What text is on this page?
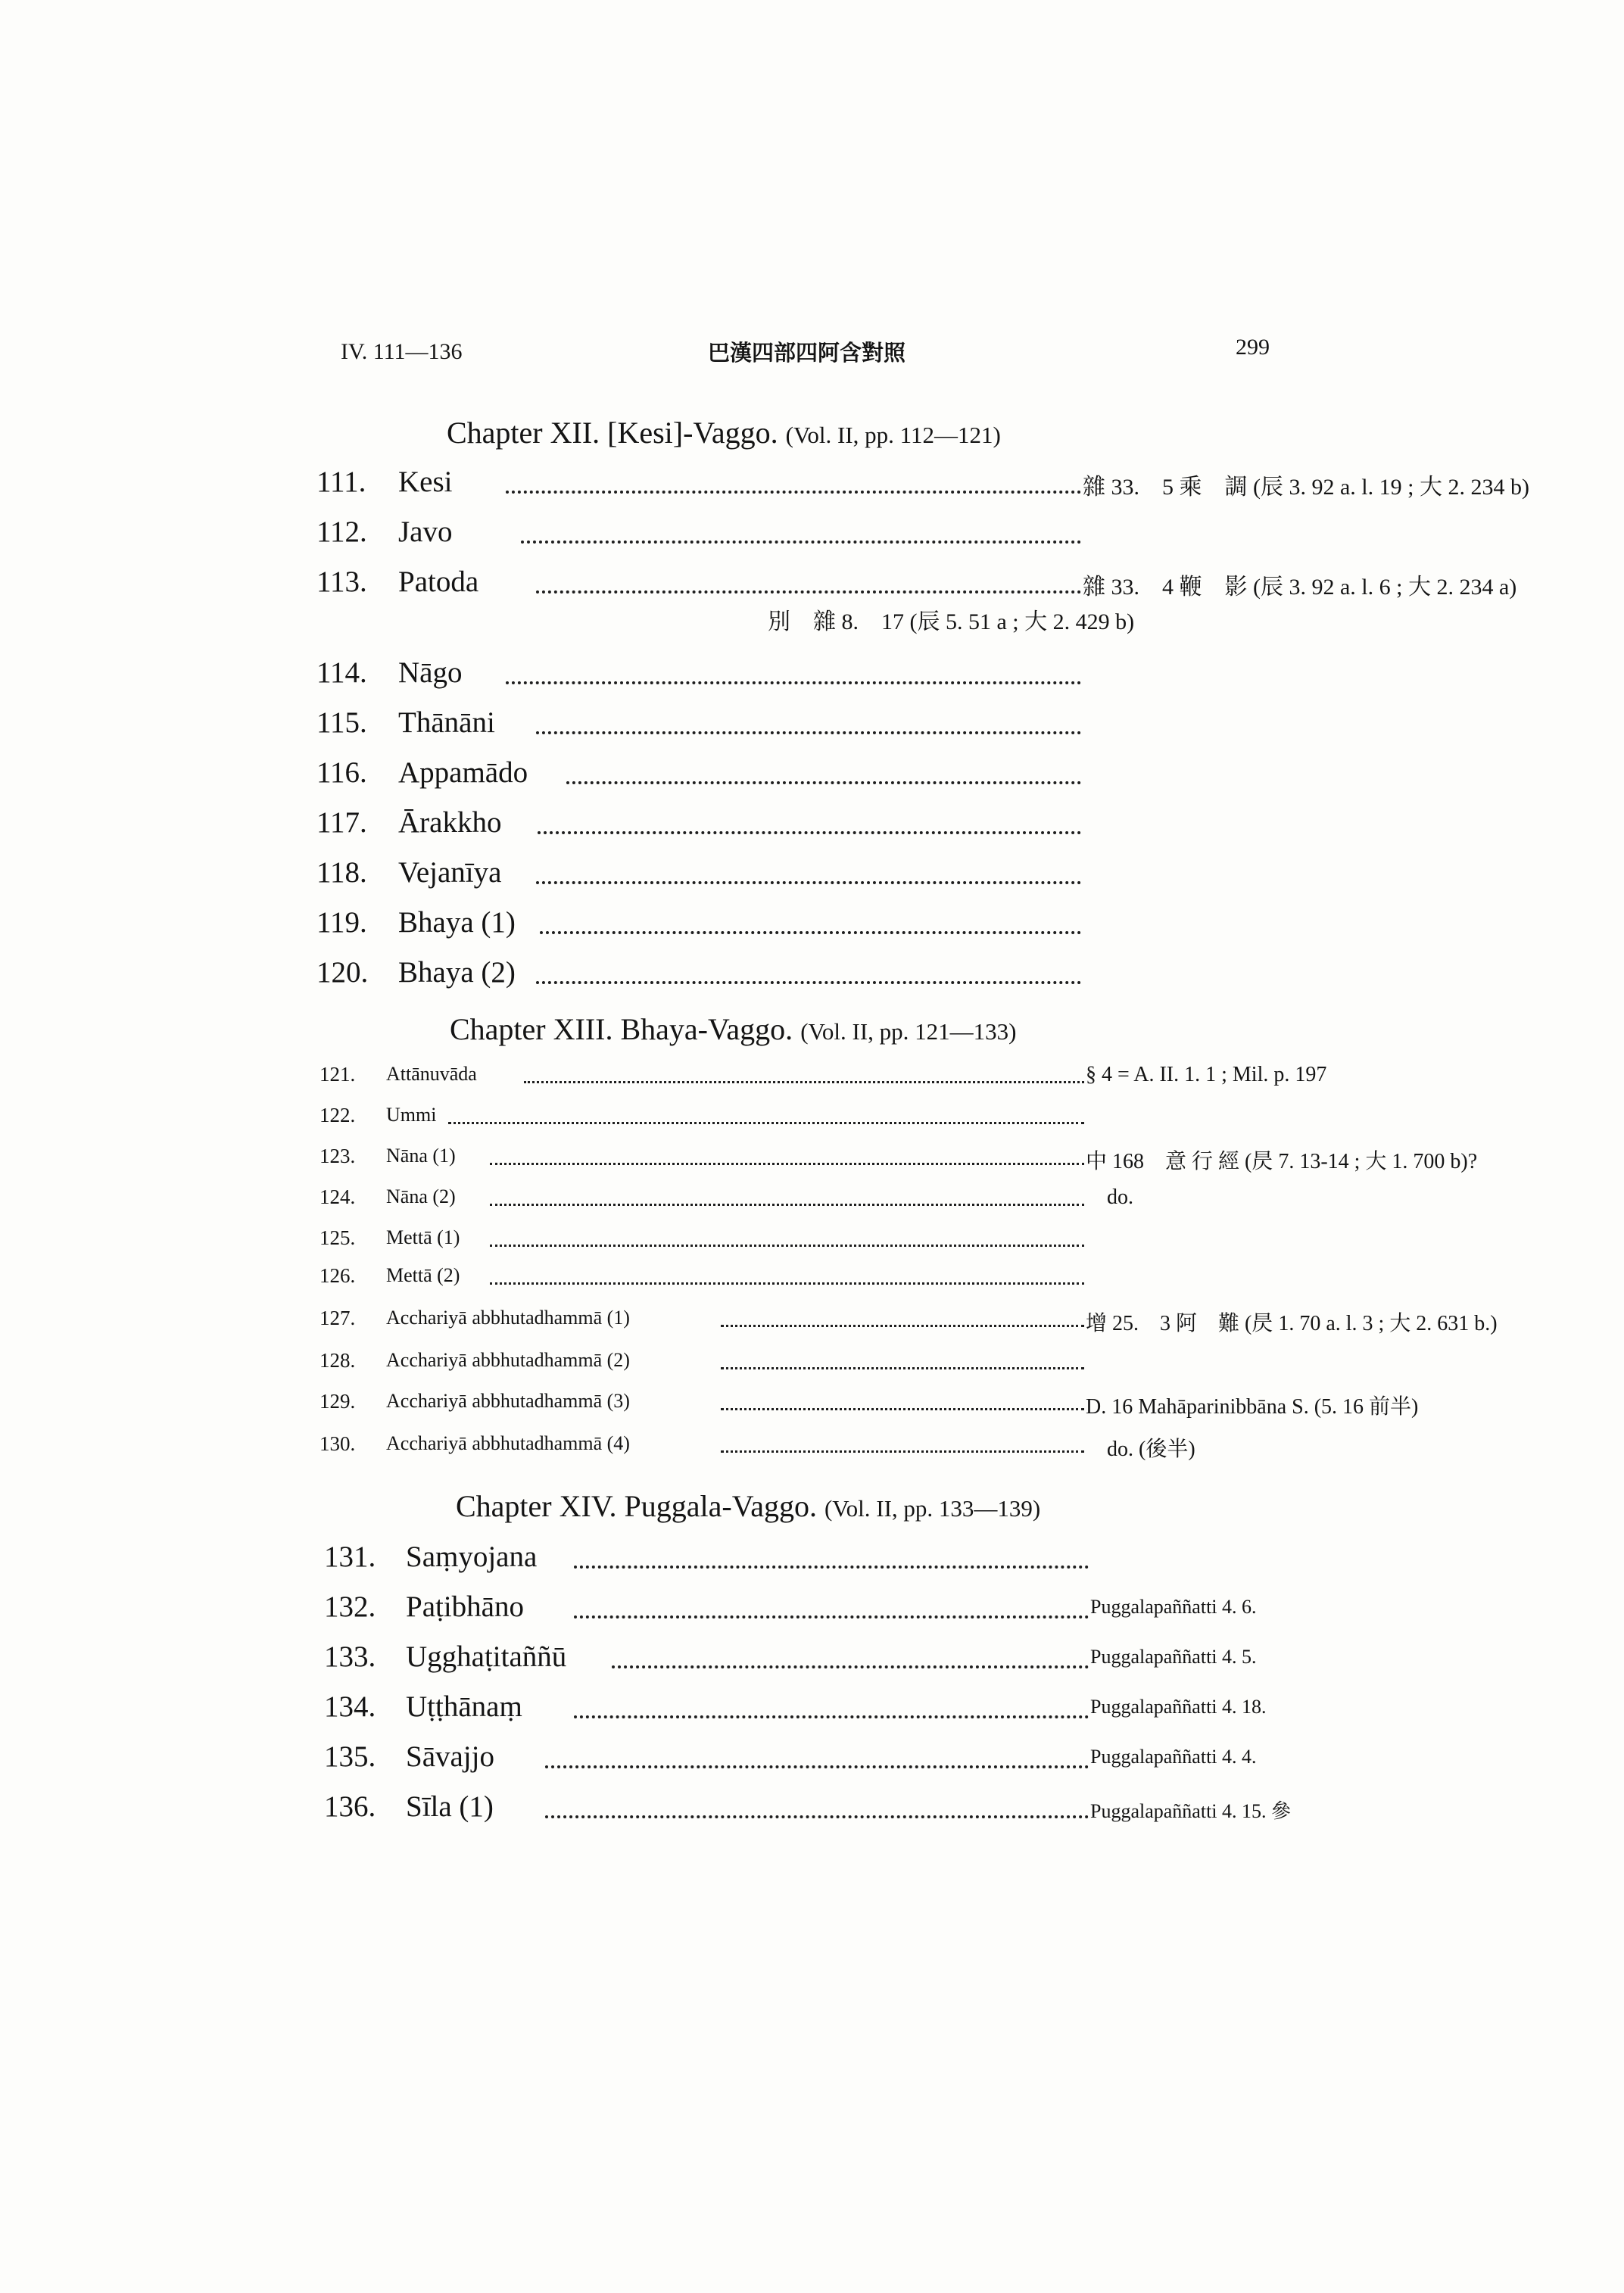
IV. 111—136	巴漢四部四阿含對照	299
Chapter XII. [Kesi]-Vaggo. (Vol. II, pp. 112—121)
111. Kesi	雜 33.　5 乘　調 (辰 3. 92 a. l. 19 ; 大 2. 234 b)
112. Javo
113. Patoda	雜 33.　4 鞭　影 (辰 3. 92 a. l. 6 ; 大 2. 234 a)
別　雜 8.　17 (辰 5. 51 a ; 大 2. 429 b)
114. Nāgo
115. Thānāni
116. Appamādo
117. Ārakkho
118. Vejanīya
119. Bhaya (1)
120. Bhaya (2)
Chapter XIII. Bhaya-Vaggo. (Vol. II, pp. 121—133)
121. Attānuvāda	§ 4 = A. II. 1. 1 ; Mil. p. 197
122. Ummi
123. Nāna (1)	中 168　意 行 經 (昃 7. 13-14 ; 大 1. 700 b)?
124. Nāna (2)	do.
125. Mettā (1)
126. Mettā (2)
127. Acchariyā abbhutadhammā (1)	增 25.　3 阿　難 (昃 1. 70 a. l. 3 ; 大 2. 631 b.)
128. Acchariyā abbhutadhammā (2)
129. Acchariyā abbhutadhammā (3)	D. 16 Mahāparinibbāna S. (5. 16 前半)
130. Acchariyā abbhutadhammā (4)	do. (後半)
Chapter XIV. Puggala-Vaggo. (Vol. II, pp. 133—139)
131. Saṃyojana
132. Paṭibhāno	Puggalapaññatti 4. 6.
133. Ugghaṭitaññū	Puggalapaññatti 4. 5.
134. Uṭṭhānaṃ	Puggalapaññatti 4. 18.
135. Sāvajjo	Puggalapaññatti 4. 4.
136. Sīla (1)	Puggalapaññatti 4. 15. 參
